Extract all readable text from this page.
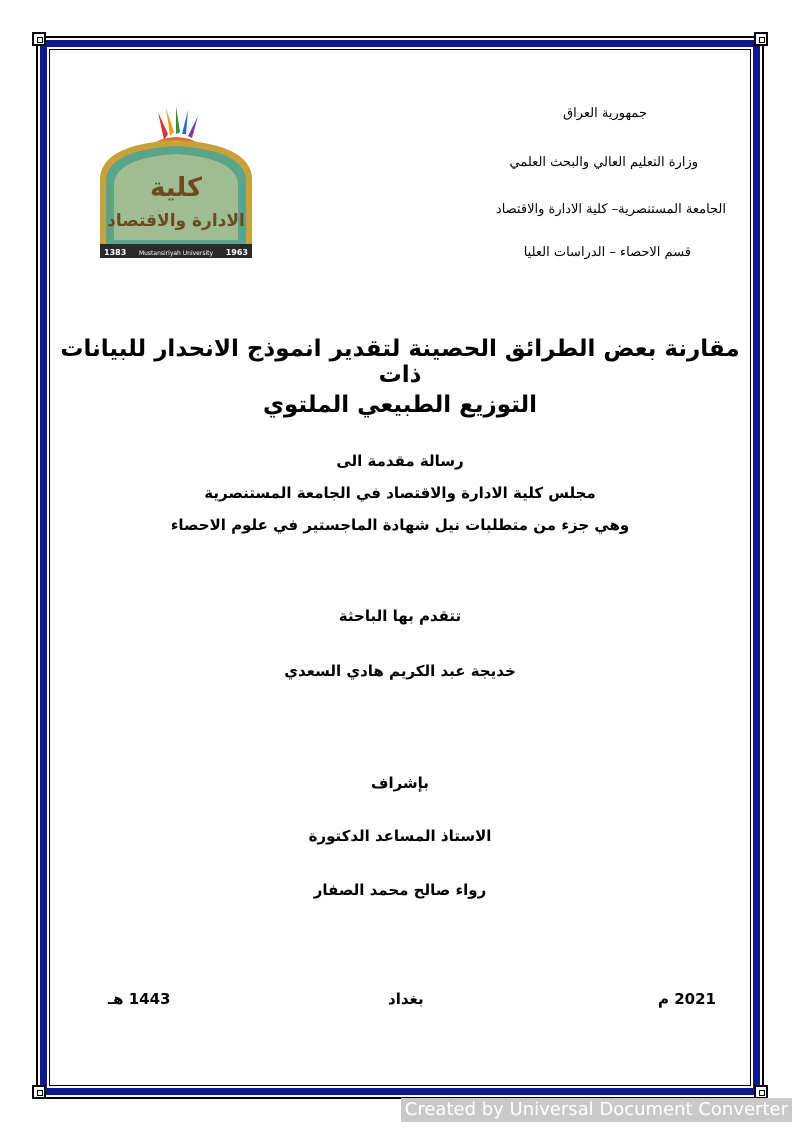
جمهورية العراق
وزارة التعليم العالي والبحث العلمي
الجامعة المستنصرية– كلية الادارة والاقتصاد
قسم الاحصاء – الدراسات العليا
كلية
الادارة والاقتصاد
1383 Mustansiriyah University 1963
مقارنة بعض الطرائق الحصينة لتقدير انموذج الانحدار للبيانات ذات
التوزيع الطبيعي الملتوي
رسالة مقدمة الى
مجلس كلية الادارة والاقتصاد في الجامعة المستنصرية
وهي جزء من متطلبات نيل شهادة الماجستير في علوم الاحصاء
تتقدم بها الباحثة
خديجة عبد الكريم هادي السعدي
بإشراف
الاستاذ المساعد الدكتورة
رواء صالح محمد الصفار
2021 م
بغداد
1443 هـ
Created by Universal Document Converter
